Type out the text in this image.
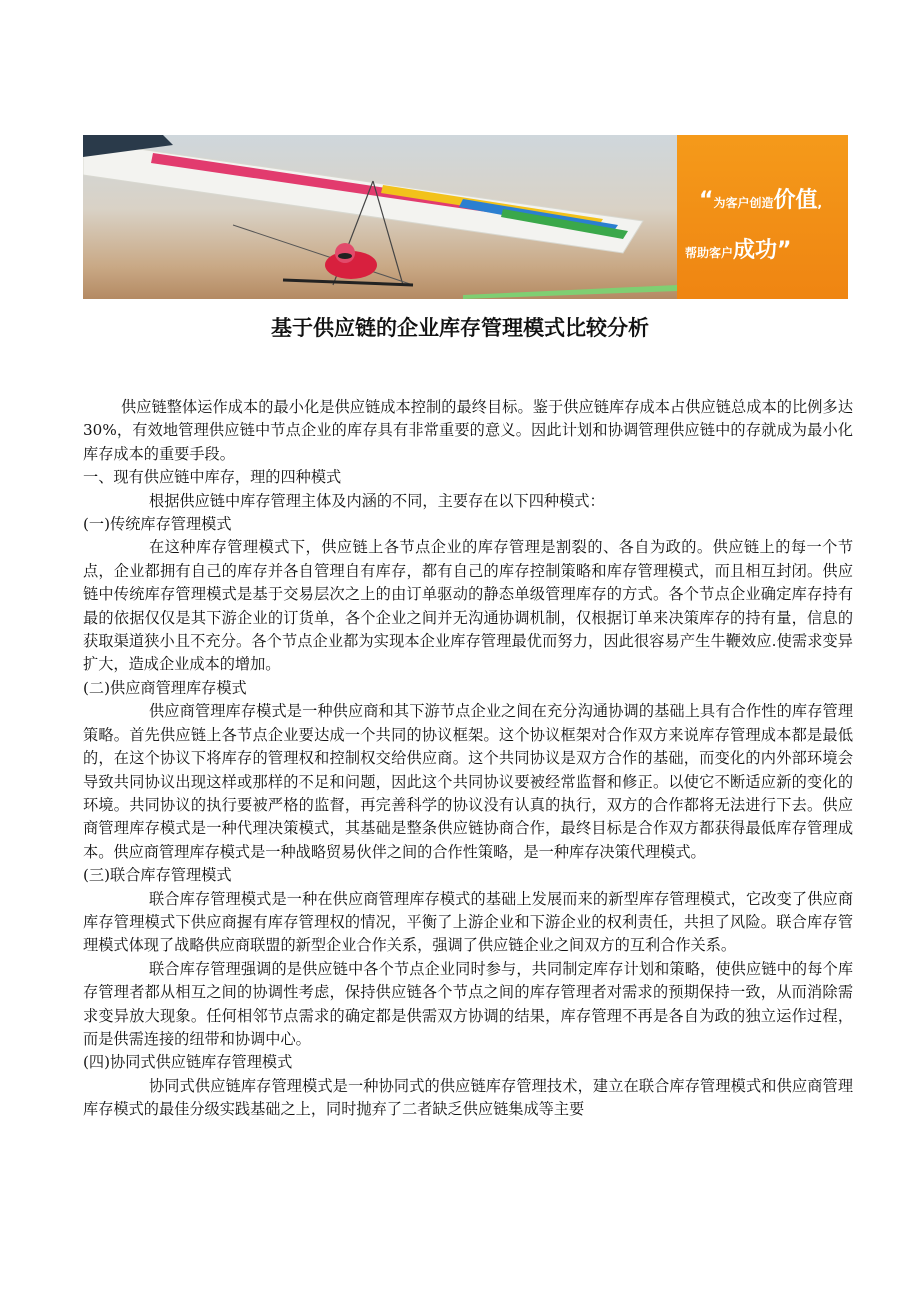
“为客户创造价值,
帮助客户成功”
基于供应链的企业库存管理模式比较分析

供应链整体运作成本的最小化是供应链成本控制的最终目标。鉴于供应链库存成本占供应链总成本的比例多达30%，有效地管理供应链中节点企业的库存具有非常重要的意义。因此计划和协调管理供应链中的存就成为最小化库存成本的重要手段。

一、现有供应链中库存，理的四种模式

根据供应链中库存管理主体及内涵的不同，主要存在以下四种模式：

(一)传统库存管理模式

在这种库存管理模式下，供应链上各节点企业的库存管理是割裂的、各自为政的。供应链上的每一个节点，企业都拥有自己的库存并各自管理自有库存，都有自己的库存控制策略和库存管理模式，而且相互封闭。供应链中传统库存管理模式是基于交易层次之上的由订单驱动的静态单级管理库存的方式。各个节点企业确定库存持有最的依据仅仅是其下游企业的订货单，各个企业之间并无沟通协调机制，仅根据订单来决策库存的持有量，信息的获取渠道狭小且不充分。各个节点企业都为实现本企业库存管理最优而努力，因此很容易产生牛鞭效应.使需求变异扩大，造成企业成本的增加。

(二)供应商管理库存模式

供应商管理库存模式是一种供应商和其下游节点企业之间在充分沟通协调的基础上具有合作性的库存管理策略。首先供应链上各节点企业要达成一个共同的协议框架。这个协议框架对合作双方来说库存管理成本都是最低的，在这个协议下将库存的管理权和控制权交给供应商。这个共同协议是双方合作的基础，而变化的内外部环境会导致共同协议出现这样或那样的不足和问题，因此这个共同协议要被经常监督和修正。以使它不断适应新的变化的环境。共同协议的执行要被严格的监督，再完善科学的协议没有认真的执行，双方的合作都将无法进行下去。供应商管理库存模式是一种代理决策模式，其基础是整条供应链协商合作，最终目标是合作双方都获得最低库存管理成本。供应商管理库存模式是一种战略贸易伙伴之间的合作性策略，是一种库存决策代理模式。

(三)联合库存管理模式

联合库存管理模式是一种在供应商管理库存模式的基础上发展而来的新型库存管理模式，它改变了供应商库存管理模式下供应商握有库存管理权的情况，平衡了上游企业和下游企业的权利责任，共担了风险。联合库存管理模式体现了战略供应商联盟的新型企业合作关系，强调了供应链企业之间双方的互利合作关系。

联合库存管理强调的是供应链中各个节点企业同时参与，共同制定库存计划和策略，使供应链中的每个库存管理者都从相互之间的协调性考虑，保持供应链各个节点之间的库存管理者对需求的预期保持一致，从而消除需求变异放大现象。任何相邻节点需求的确定都是供需双方协调的结果，库存管理不再是各自为政的独立运作过程，而是供需连接的纽带和协调中心。

(四)协同式供应链库存管理模式

协同式供应链库存管理模式是一种协同式的供应链库存管理技术，建立在联合库存管理模式和供应商管理库存模式的最佳分级实践基础之上，同时抛弃了二者缺乏供应链集成等主要
